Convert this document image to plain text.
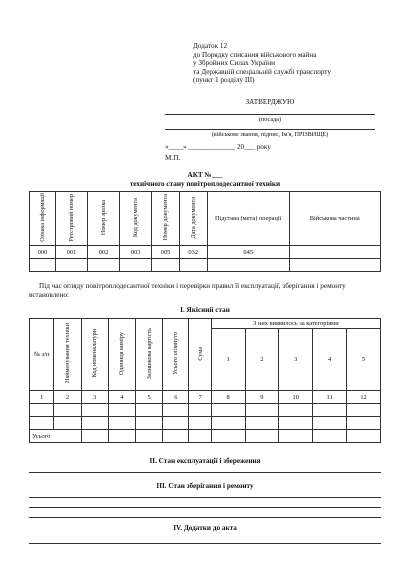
Додаток 12
до Порядку списання військового майна
у Збройних Силах України
та Державній спеціальній службі транспорту
(пункт 1 розділу ІІІ)
ЗАТВЕРДЖУЮ
(посада)
(військове звання, підпис, Ім'я, ПРІЗВИЩЕ)
«____» _____________ 20___ року
М.П.
АКТ №___
технічного стану повітроплодесантної техніки
Ознака інформації	Реєстровий номер	Номер зразка	Код документа	Номер документа	Дата документа	Підстава (мета) операції	Військова частина
000	001	002	003	005	032	045	

Під час огляду повітроплодесантної техніки і перевірки правил її експлуатації, зберігання і ремонту встановлено:
І. Якісний стан
№ з/п	Найменування техніки	Код номенклатури	Одиниця виміру	Залишкова вартість	Усього оглянуто	Сума	З них виявилось за категоріями				
							1	2	3	4	5
1	2	3	4	5	6	7	8	9	10	11	12

Усього											
ІІ. Стан експлуатації і збереження
ІІІ. Стан зберігання і ремонту
IV. Додатки до акта
